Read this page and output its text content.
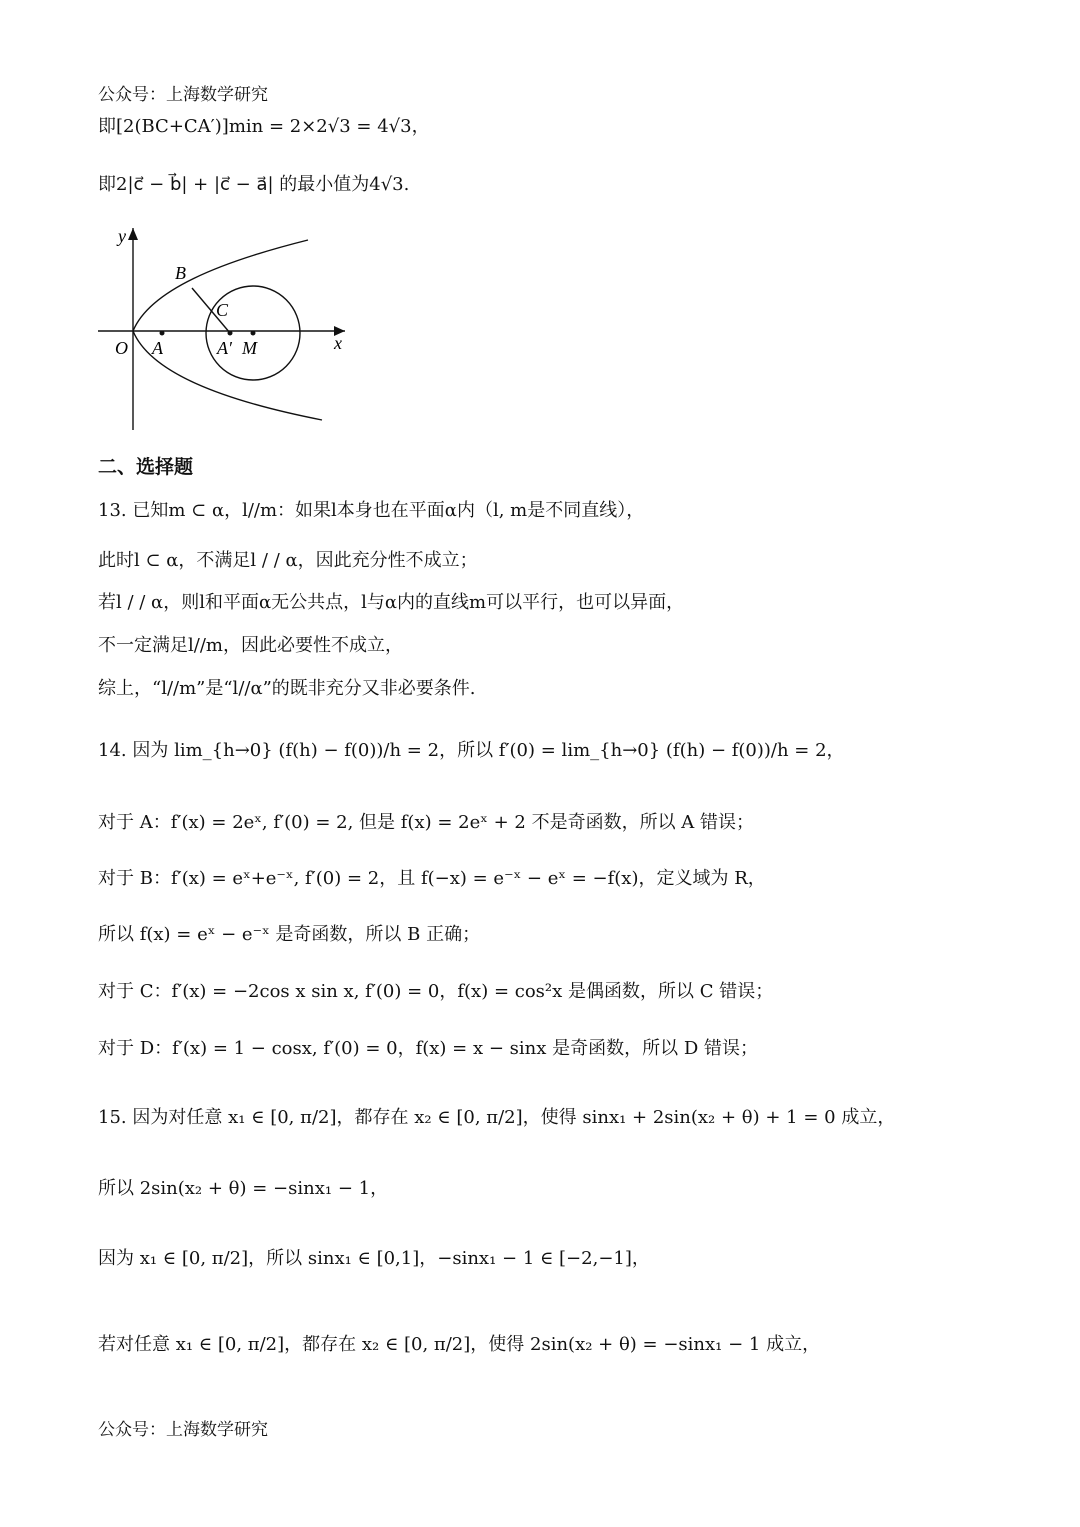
公众号：上海数学研究
即[2(BC+CA′)]min = 2×2√3 = 4√3，
即2|c⃗ − b⃗| + |c⃗ − a⃗| 的最小值为4√3.
y
x
O A	A′ M
B
C
二、选择题
13. 已知m ⊂ α，l//m：如果l本身也在平面α内（l, m是不同直线），
此时l ⊂ α，不满足l / / α，因此充分性不成立；
若l / / α，则l和平面α无公共点，l与α内的直线m可以平行，也可以异面，
不一定满足l//m，因此必要性不成立，
综上，“l//m”是“l//α”的既非充分又非必要条件.
14. 因为 lim_{h→0} (f(h) − f(0))/h = 2，所以 f′(0) = lim_{h→0} (f(h) − f(0))/h = 2，
对于 A：f′(x) = 2eˣ, f′(0) = 2, 但是 f(x) = 2eˣ + 2 不是奇函数，所以 A 错误；
对于 B：f′(x) = eˣ+e⁻ˣ, f′(0) = 2，且 f(−x) = e⁻ˣ − eˣ = −f(x)，定义域为 R，
所以 f(x) = eˣ − e⁻ˣ 是奇函数，所以 B 正确；
对于 C：f′(x) = −2cos x sin x, f′(0) = 0，f(x) = cos²x 是偶函数，所以 C 错误；
对于 D：f′(x) = 1 − cosx, f′(0) = 0，f(x) = x − sinx 是奇函数，所以 D 错误；
15. 因为对任意 x₁ ∈ [0, π/2]，都存在 x₂ ∈ [0, π/2]，使得 sinx₁ + 2sin(x₂ + θ) + 1 = 0 成立，
所以 2sin(x₂ + θ) = −sinx₁ − 1，
因为 x₁ ∈ [0, π/2]，所以 sinx₁ ∈ [0,1]，−sinx₁ − 1 ∈ [−2,−1]，
若对任意 x₁ ∈ [0, π/2]，都存在 x₂ ∈ [0, π/2]，使得 2sin(x₂ + θ) = −sinx₁ − 1 成立，
公众号：上海数学研究
